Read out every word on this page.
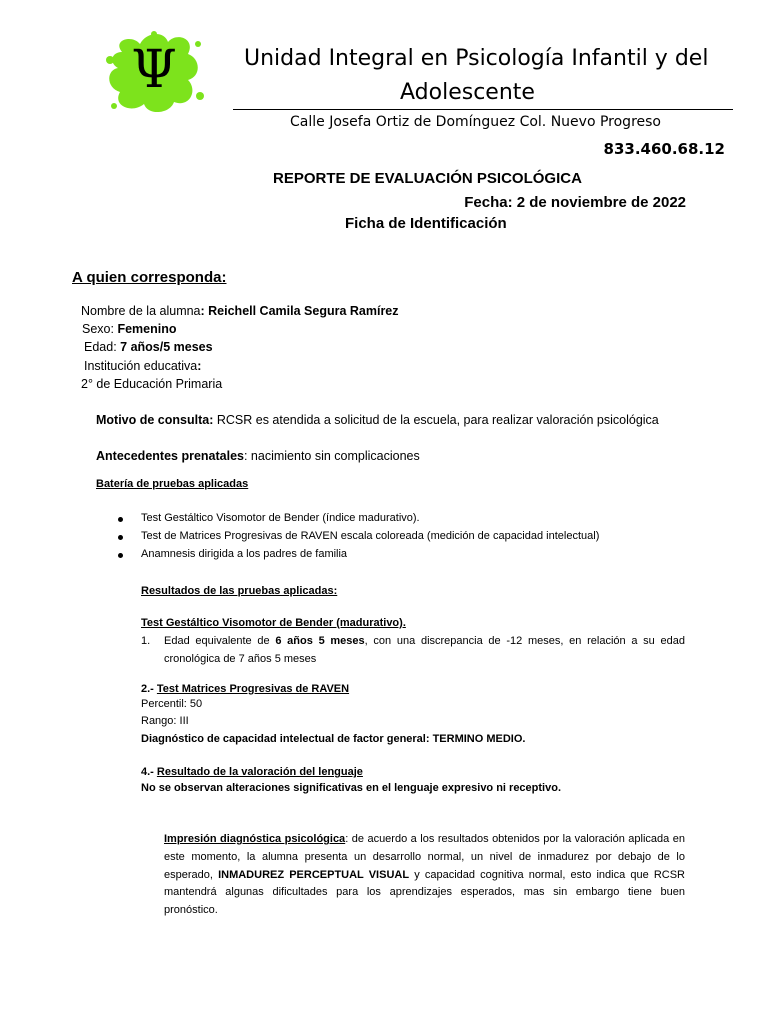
Ψ	Unidad Integral en Psicología Infantil y del
Adolescente
Calle Josefa Ortiz de Domínguez Col. Nuevo Progreso
833.460.68.12
REPORTE DE EVALUACIÓN PSICOLÓGICA
Fecha: 2 de noviembre de 2022
Ficha de Identificación
A quien corresponda:
Nombre de la alumna: Reichell Camila Segura Ramírez
Sexo: Femenino
Edad: 7 años/5 meses
Institución educativa:
2° de Educación Primaria
Motivo de consulta: RCSR es atendida a solicitud de la escuela, para realizar valoración psicológica
Antecedentes prenatales: nacimiento sin complicaciones
Batería de pruebas aplicadas
Test Gestáltico Visomotor de Bender (índice madurativo).
Test de Matrices Progresivas de RAVEN escala coloreada (medición de capacidad intelectual)
Anamnesis dirigida a los padres de familia
Resultados de las pruebas aplicadas:
Test Gestáltico Visomotor de Bender (madurativo).
1. Edad equivalente de 6 años 5 meses, con una discrepancia de -12 meses, en relación a su edad
cronológica de 7 años 5 meses
2.- Test Matrices Progresivas de RAVEN
Percentil: 50
Rango: III
Diagnóstico de capacidad intelectual de factor general: TERMINO MEDIO.
4.- Resultado de la valoración del lenguaje
No se observan alteraciones significativas en el lenguaje expresivo ni receptivo.
Impresión diagnóstica psicológica: de acuerdo a los resultados obtenidos por la valoración aplicada en
este momento, la alumna presenta un desarrollo normal, un nivel de inmadurez por debajo de lo
esperado, INMADUREZ PERCEPTUAL VISUAL y capacidad cognitiva normal, esto indica que RCSR
mantendrá algunas dificultades para los aprendizajes esperados, mas sin embargo tiene buen
pronóstico.
